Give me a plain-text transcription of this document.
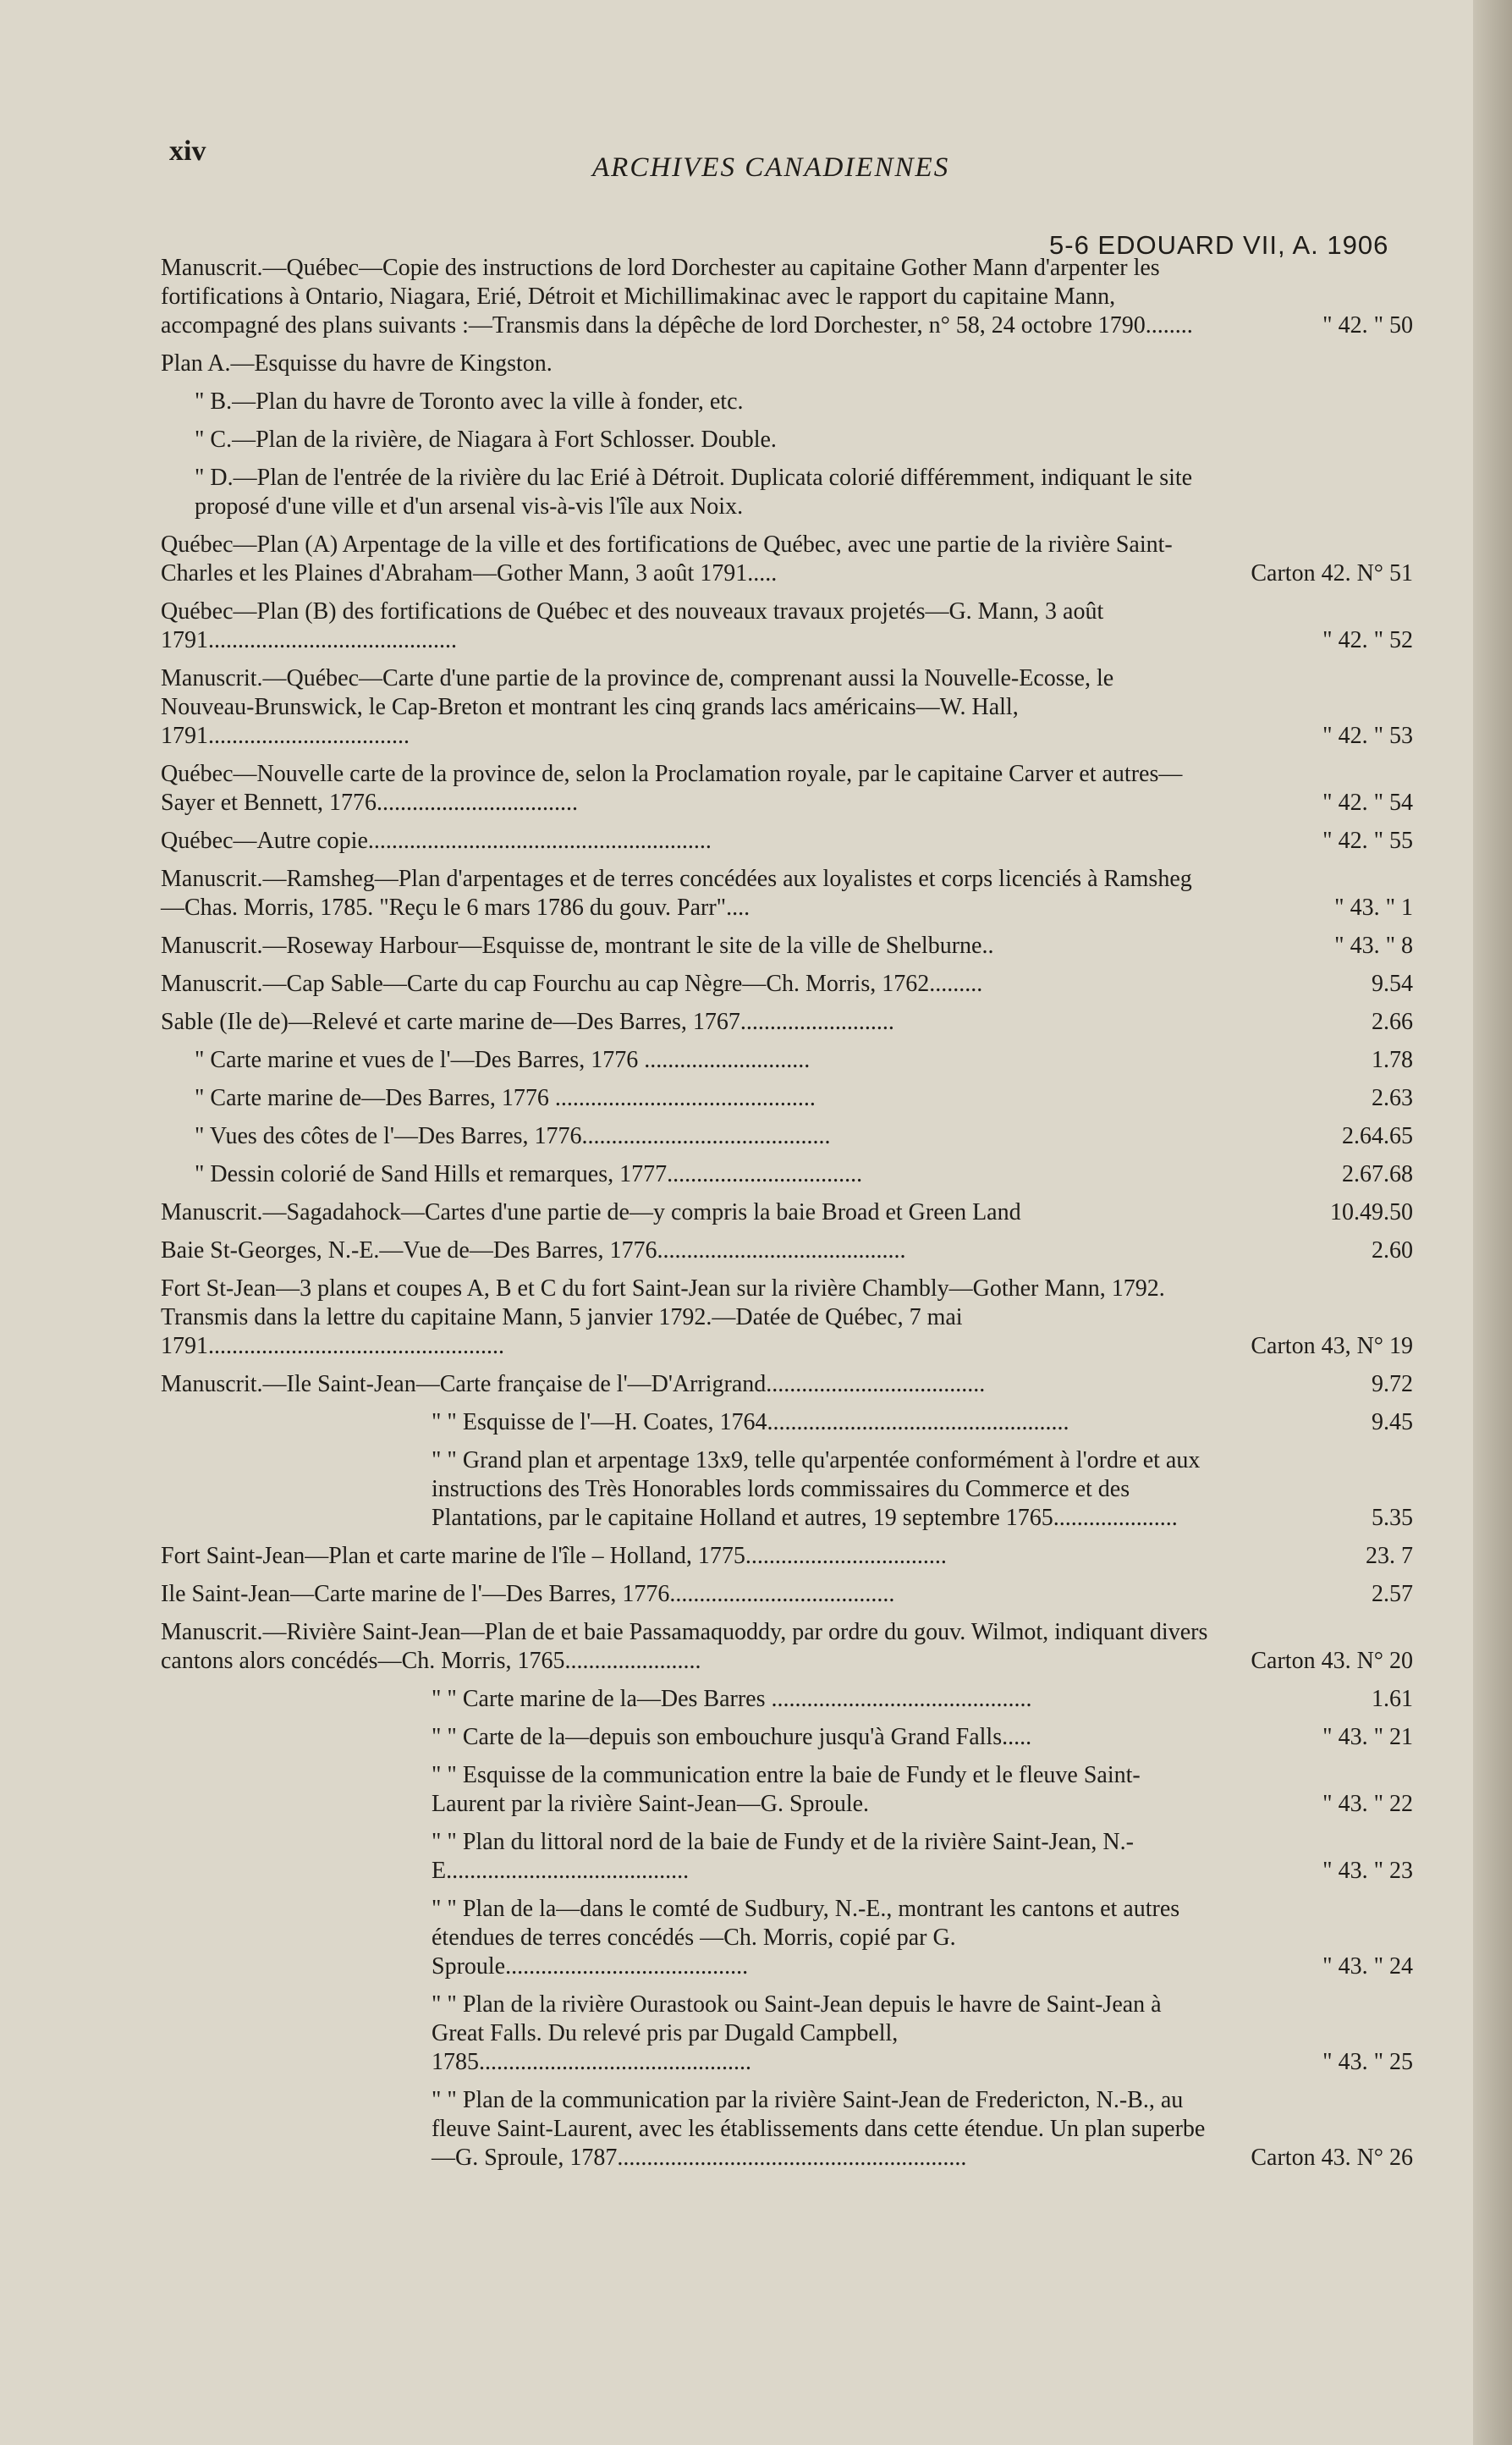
xiv
ARCHIVES CANADIENNES
5-6 EDOUARD VII, A. 1906
Manuscrit.—Québec—Copie des instructions de lord Dorchester au capitaine Gother Mann d'arpenter les fortifications à Ontario, Niagara, Erié, Détroit et Michillimakinac avec le rapport du capitaine Mann, accompagné des plans suivants :—Transmis dans la dépêche de lord Dorchester, n° 58, 24 octobre 1790........	" 42. " 50
Plan A.—Esquisse du havre de Kingston.
" B.—Plan du havre de Toronto avec la ville à fonder, etc.
" C.—Plan de la rivière, de Niagara à Fort Schlosser. Double.
" D.—Plan de l'entrée de la rivière du lac Erié à Détroit. Duplicata colorié différemment, indiquant le site proposé d'une ville et d'un arsenal vis-à-vis l'île aux Noix.
Québec—Plan (A) Arpentage de la ville et des fortifications de Québec, avec une partie de la rivière Saint-Charles et les Plaines d'Abraham—Gother Mann, 3 août 1791.....	Carton 42. N° 51
Québec—Plan (B) des fortifications de Québec et des nouveaux travaux projetés—G. Mann, 3 août 1791..........................................	" 42. " 52
Manuscrit.—Québec—Carte d'une partie de la province de, comprenant aussi la Nouvelle-Ecosse, le Nouveau-Brunswick, le Cap-Breton et montrant les cinq grands lacs américains—W. Hall, 1791..................................	" 42. " 53
Québec—Nouvelle carte de la province de, selon la Proclamation royale, par le capitaine Carver et autres—Sayer et Bennett, 1776..................................	" 42. " 54
Québec—Autre copie..........................................................	" 42. " 55
Manuscrit.—Ramsheg—Plan d'arpentages et de terres concédées aux loyalistes et corps licenciés à Ramsheg—Chas. Morris, 1785. "Reçu le 6 mars 1786 du gouv. Parr"....	" 43. " 1
Manuscrit.—Roseway Harbour—Esquisse de, montrant le site de la ville de Shelburne..	" 43. " 8
Manuscrit.—Cap Sable—Carte du cap Fourchu au cap Nègre—Ch. Morris, 1762.........	9.54
Sable (Ile de)—Relevé et carte marine de—Des Barres, 1767..........................	2.66
" Carte marine et vues de l'—Des Barres, 1776 ............................	1.78
" Carte marine de—Des Barres, 1776 ............................................	2.63
" Vues des côtes de l'—Des Barres, 1776..........................................	2.64.65
" Dessin colorié de Sand Hills et remarques, 1777.................................	2.67.68
Manuscrit.—Sagadahock—Cartes d'une partie de—y compris la baie Broad et Green Land	10.49.50
Baie St-Georges, N.-E.—Vue de—Des Barres, 1776..........................................	2.60
Fort St-Jean—3 plans et coupes A, B et C du fort Saint-Jean sur la rivière Chambly—Gother Mann, 1792. Transmis dans la lettre du capitaine Mann, 5 janvier 1792.—Datée de Québec, 7 mai 1791..................................................	Carton 43, N° 19
Manuscrit.—Ile Saint-Jean—Carte française de l'—D'Arrigrand.....................................	9.72
" " Esquisse de l'—H. Coates, 1764...................................................	9.45
" " Grand plan et arpentage 13x9, telle qu'arpentée conformément à l'ordre et aux instructions des Très Honorables lords commissaires du Commerce et des Plantations, par le capitaine Holland et autres, 19 septembre 1765.....................	5.35
Fort Saint-Jean—Plan et carte marine de l'île – Holland, 1775..................................	23. 7
Ile Saint-Jean—Carte marine de l'—Des Barres, 1776......................................	2.57
Manuscrit.—Rivière Saint-Jean—Plan de et baie Passamaquoddy, par ordre du gouv. Wilmot, indiquant divers cantons alors concédés—Ch. Morris, 1765.......................	Carton 43. N° 20
" " Carte marine de la—Des Barres ............................................	1.61
" " Carte de la—depuis son embouchure jusqu'à Grand Falls.....	" 43. " 21
" " Esquisse de la communication entre la baie de Fundy et le fleuve Saint-Laurent par la rivière Saint-Jean—G. Sproule.	" 43. " 22
" " Plan du littoral nord de la baie de Fundy et de la rivière Saint-Jean, N.-E.........................................	" 43. " 23
" " Plan de la—dans le comté de Sudbury, N.-E., montrant les cantons et autres étendues de terres concédés —Ch. Morris, copié par G. Sproule.........................................	" 43. " 24
" " Plan de la rivière Ourastook ou Saint-Jean depuis le havre de Saint-Jean à Great Falls. Du relevé pris par Dugald Campbell, 1785..............................................	" 43. " 25
" " Plan de la communication par la rivière Saint-Jean de Fredericton, N.-B., au fleuve Saint-Laurent, avec les établissements dans cette étendue. Un plan superbe—G. Sproule, 1787...........................................................	Carton 43. N° 26
